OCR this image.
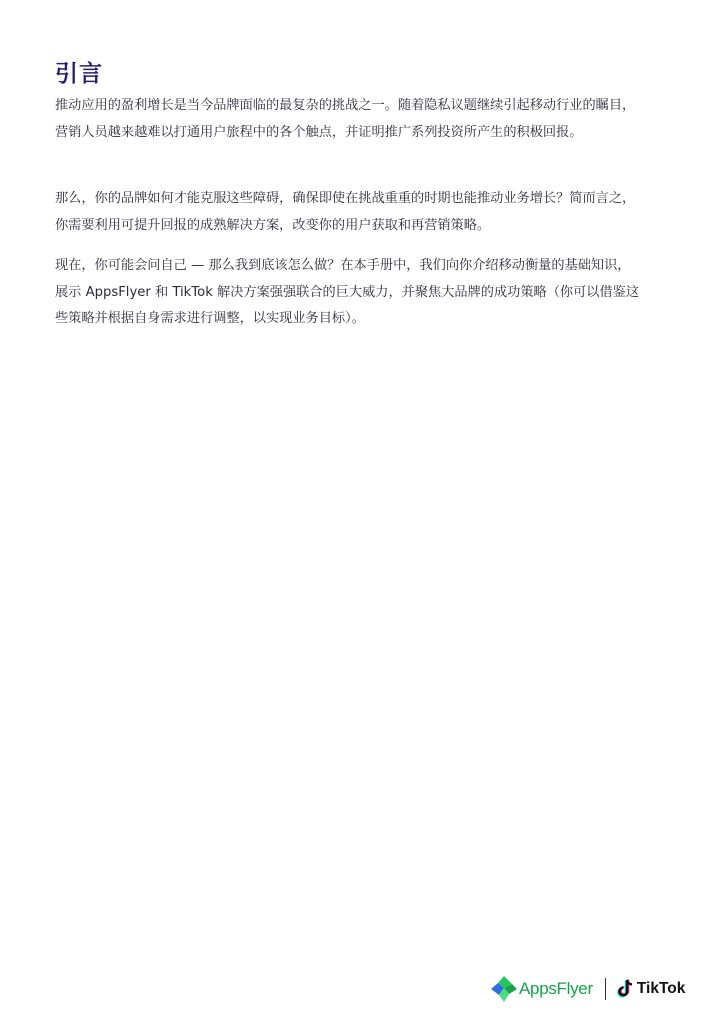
引言

推动应用的盈利增长是当今品牌面临的最复杂的挑战之一。随着隐私议题继续引起移动行业的瞩目，营销人员越来越难以打通用户旅程中的各个触点，并证明推广系列投资所产生的积极回报。

那么，你的品牌如何才能克服这些障碍，确保即使在挑战重重的时期也能推动业务增长？简而言之，你需要利用可提升回报的成熟解决方案，改变你的用户获取和再营销策略。

现在，你可能会问自己 — 那么我到底该怎么做？在本手册中，我们向你介绍移动衡量的基础知识，展示 AppsFlyer 和 TikTok 解决方案强强联合的巨大威力，并聚焦大品牌的成功策略（你可以借鉴这些策略并根据自身需求进行调整，以实现业务目标）。

AppsFlyer	TikTok
